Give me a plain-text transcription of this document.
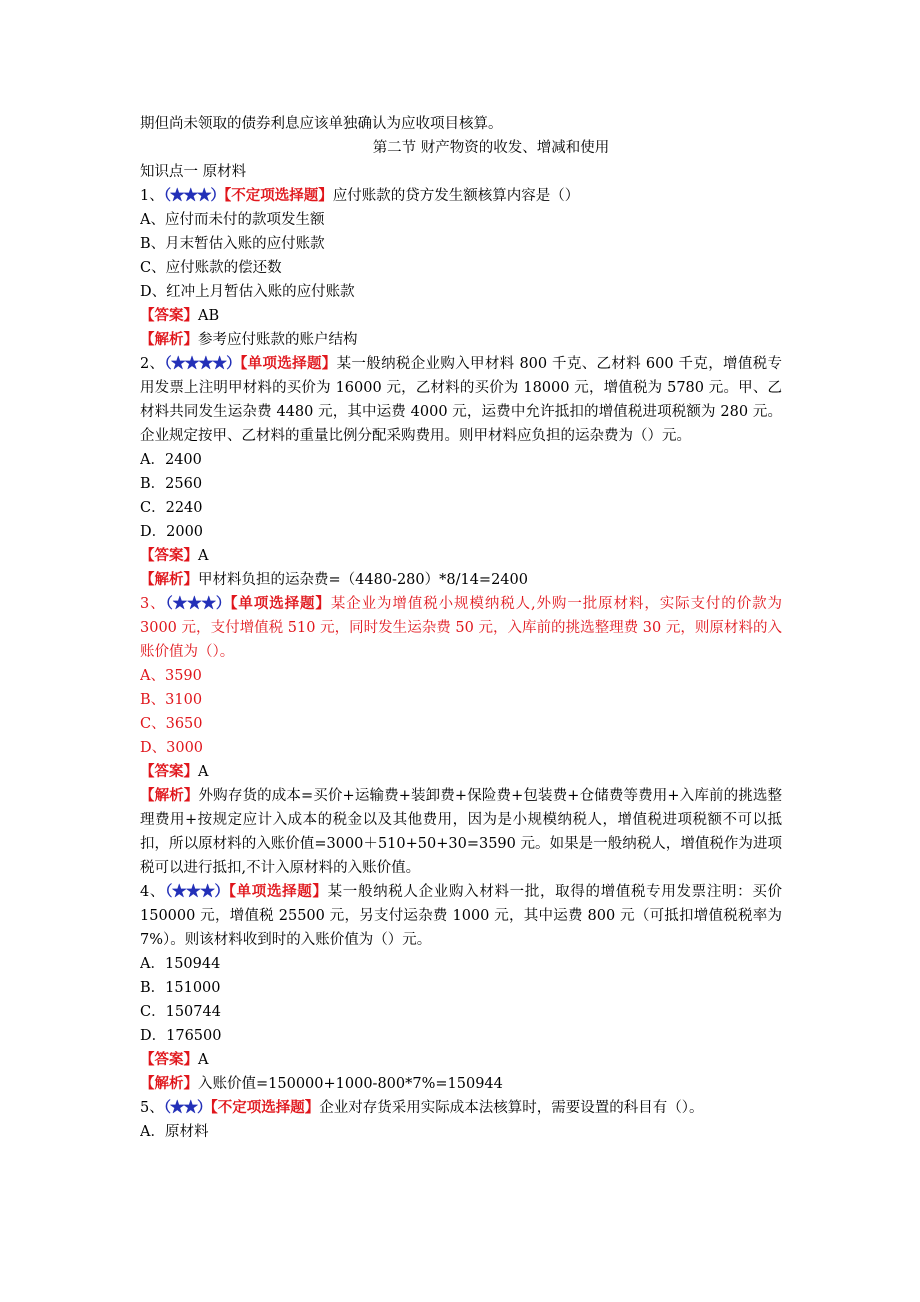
期但尚未领取的债券利息应该单独确认为应收项目核算。
第二节 财产物资的收发、增减和使用
知识点一 原材料
1、（★★★）【不定项选择题】应付账款的贷方发生额核算内容是（）
A、应付而未付的款项发生额
B、月末暂估入账的应付账款
C、应付账款的偿还数
D、红冲上月暂估入账的应付账款
【答案】AB
【解析】参考应付账款的账户结构
2、（★★★★）【单项选择题】某一般纳税企业购入甲材料 800 千克、乙材料 600 千克，增值税专用发票上注明甲材料的买价为 16000 元，乙材料的买价为 18000 元，增值税为 5780 元。甲、乙材料共同发生运杂费 4480 元，其中运费 4000 元，运费中允许抵扣的增值税进项税额为 280 元。企业规定按甲、乙材料的重量比例分配采购费用。则甲材料应负担的运杂费为（）元。
A．2400
B．2560
C．2240
D．2000
【答案】A
【解析】甲材料负担的运杂费=（4480-280）*8/14=2400
3、（★★★）【单项选择题】某企业为增值税小规模纳税人,外购一批原材料，实际支付的价款为 3000 元，支付增值税 510 元，同时发生运杂费 50 元，入库前的挑选整理费 30 元，则原材料的入账价值为（）。
A、3590
B、3100
C、3650
D、3000
【答案】A
【解析】外购存货的成本=买价+运输费+装卸费+保险费+包装费+仓储费等费用+入库前的挑选整理费用+按规定应计入成本的税金以及其他费用，因为是小规模纳税人，增值税进项税额不可以抵扣，所以原材料的入账价值=3000＋510+50+30=3590 元。如果是一般纳税人，增值税作为进项税可以进行抵扣,不计入原材料的入账价值。
4、（★★★）【单项选择题】某一般纳税人企业购入材料一批，取得的增值税专用发票注明：买价 150000 元，增值税 25500 元，另支付运杂费 1000 元，其中运费 800 元（可抵扣增值税税率为 7%）。则该材料收到时的入账价值为（）元。
A．150944
B．151000
C．150744
D．176500
【答案】A
【解析】入账价值=150000+1000-800*7%=150944
5、（★★）【不定项选择题】企业对存货采用实际成本法核算时，需要设置的科目有（）。
A．原材料
